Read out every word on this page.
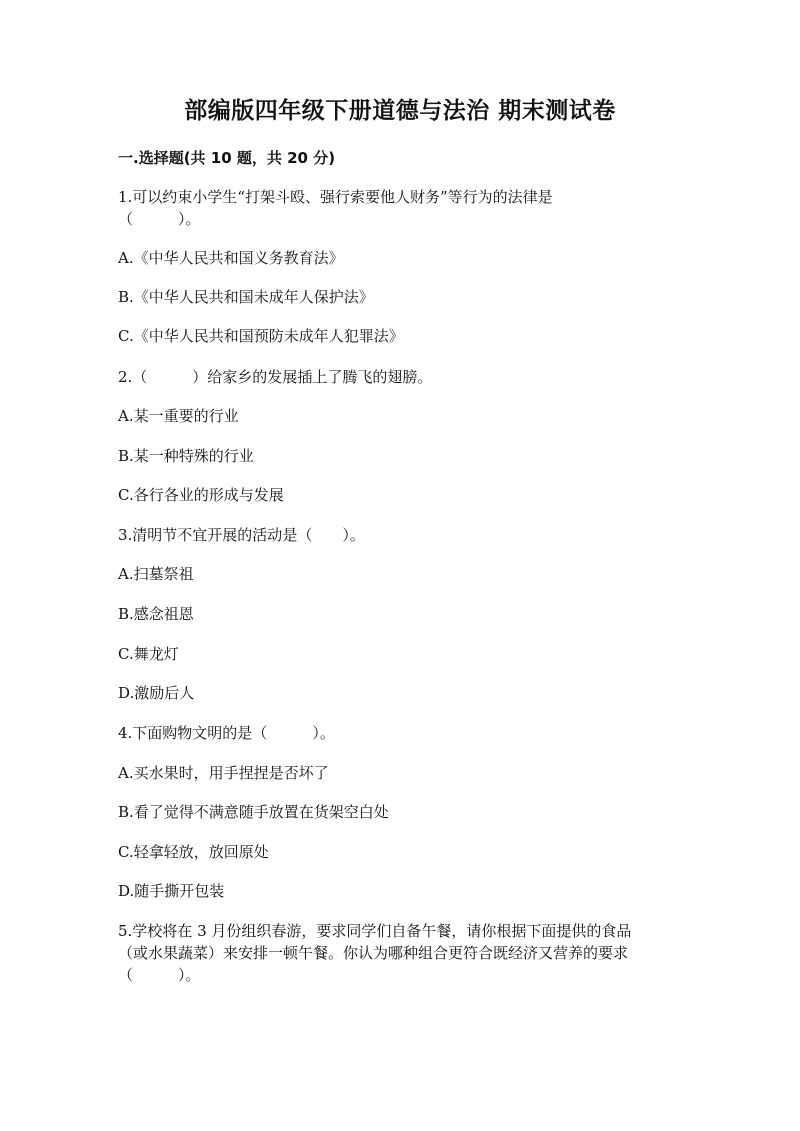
部编版四年级下册道德与法治 期末测试卷
一.选择题(共 10 题，共 20 分)
1.可以约束小学生“打架斗殴、强行索要他人财务”等行为的法律是
（　　　）。
A.《中华人民共和国义务教育法》
B.《中华人民共和国未成年人保护法》
C.《中华人民共和国预防未成年人犯罪法》
2.（　　　）给家乡的发展插上了腾飞的翅膀。
A.某一重要的行业
B.某一种特殊的行业
C.各行各业的形成与发展
3.清明节不宜开展的活动是（　　）。
A.扫墓祭祖
B.感念祖恩
C.舞龙灯
D.激励后人
4.下面购物文明的是（　　　）。
A.买水果时，用手捏捏是否坏了
B.看了觉得不满意随手放置在货架空白处
C.轻拿轻放，放回原处
D.随手撕开包装
5.学校将在 3 月份组织春游，要求同学们自备午餐，请你根据下面提供的食品
（或水果蔬菜）来安排一顿午餐。你认为哪种组合更符合既经济又营养的要求
（　　　）。
